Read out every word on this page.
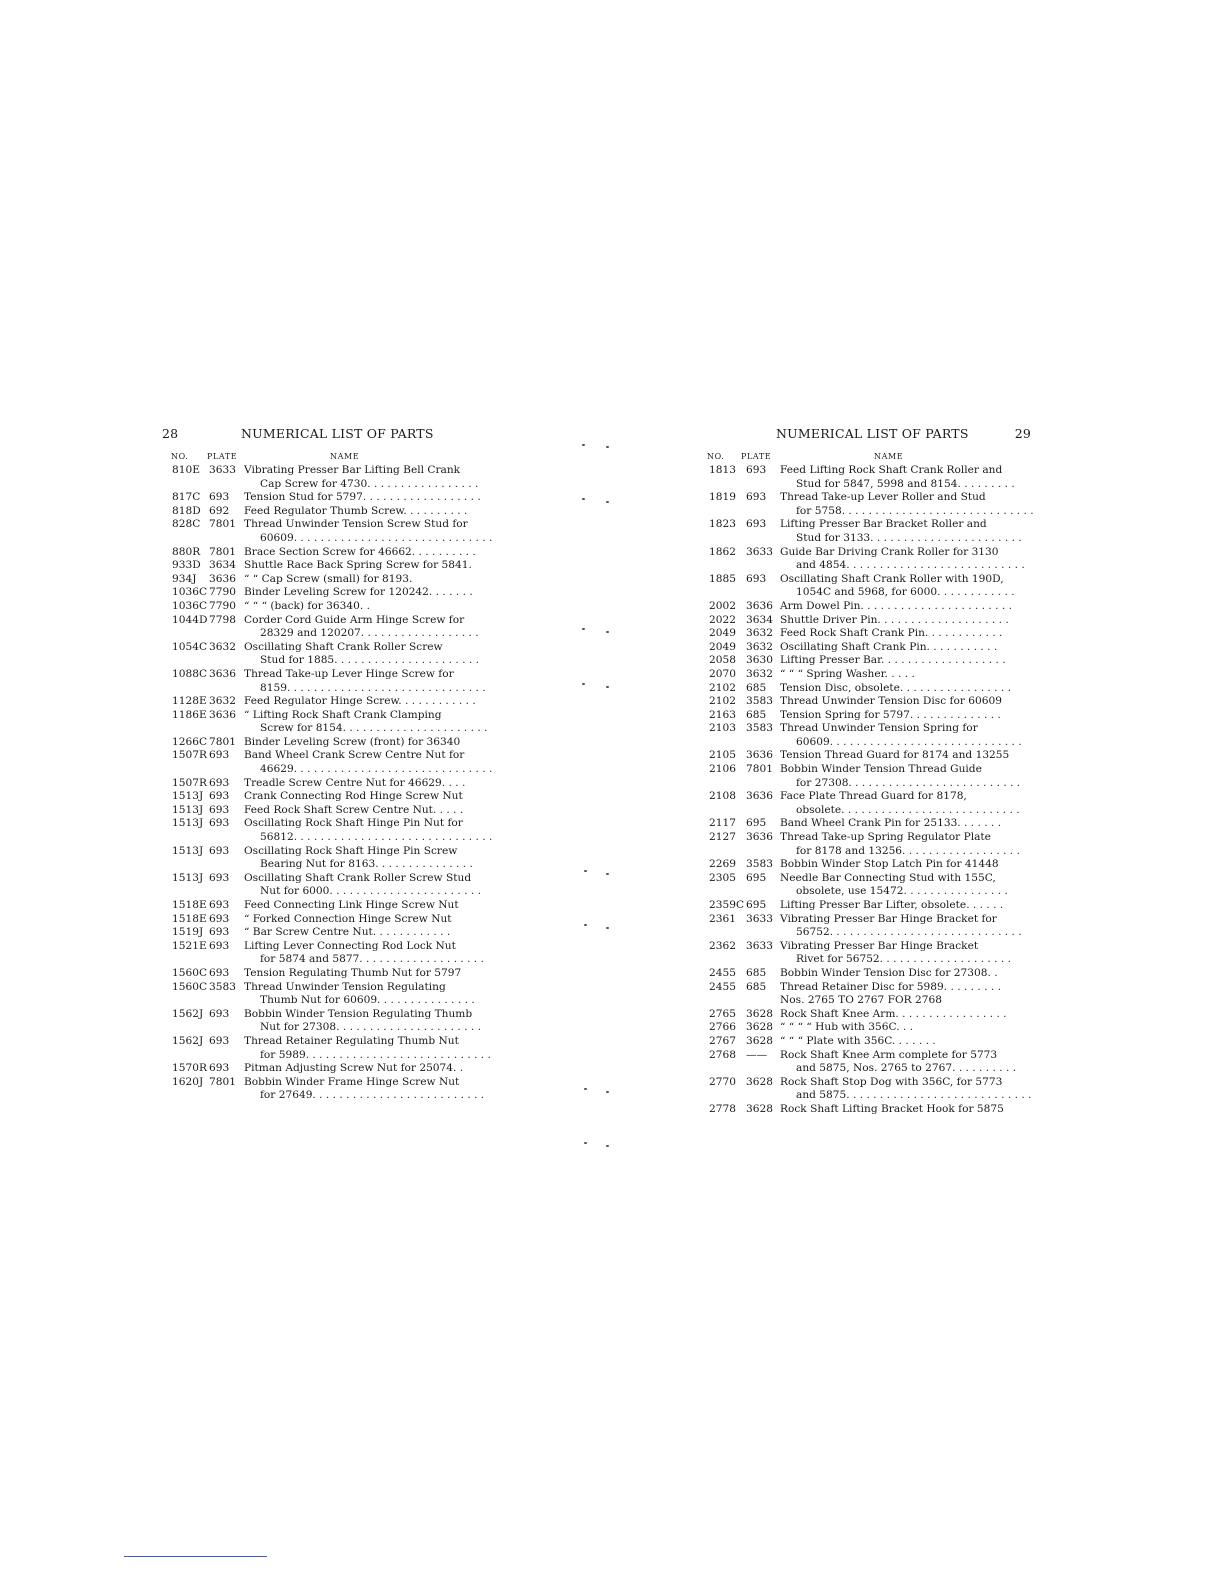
28	NUMERICAL LIST OF PARTS
NO. PLATE	NAME
810E 3633 Vibrating Presser Bar Lifting Bell Crank
Cap Screw for 4730. . . . . . . . . . . . . . . . .
817C 693 Tension Stud for 5797. . . . . . . . . . . . . . . . . .
818D 692 Feed Regulator Thumb Screw. . . . . . . . . .
828C 7801 Thread Unwinder Tension Screw Stud for
60609. . . . . . . . . . . . . . . . . . . . . . . . . . . . . .
880R 7801 Brace Section Screw for 46662. . . . . . . . . .
933D 3634 Shuttle Race Back Spring Screw for 5841.
934J 3636 “ “ Cap Screw (small) for 8193.
1036C 7790 Binder Leveling Screw for 120242. . . . . . .
1036C 7790 “ “ “ (back) for 36340. .
1044D 7798 Corder Cord Guide Arm Hinge Screw for
28329 and 120207. . . . . . . . . . . . . . . . . .
1054C 3632 Oscillating Shaft Crank Roller Screw
Stud for 1885. . . . . . . . . . . . . . . . . . . . . .
1088C 3636 Thread Take-up Lever Hinge Screw for
8159. . . . . . . . . . . . . . . . . . . . . . . . . . . . . .
1128E 3632 Feed Regulator Hinge Screw. . . . . . . . . . . .
1186E 3636 “ Lifting Rock Shaft Crank Clamping
Screw for 8154. . . . . . . . . . . . . . . . . . . . . .
1266C 7801 Binder Leveling Screw (front) for 36340
1507R 693 Band Wheel Crank Screw Centre Nut for
46629. . . . . . . . . . . . . . . . . . . . . . . . . . . . . .
1507R 693 Treadle Screw Centre Nut for 46629. . . .
1513J 693 Crank Connecting Rod Hinge Screw Nut
1513J 693 Feed Rock Shaft Screw Centre Nut. . . . .
1513J 693 Oscillating Rock Shaft Hinge Pin Nut for
56812. . . . . . . . . . . . . . . . . . . . . . . . . . . . . .
1513J 693 Oscillating Rock Shaft Hinge Pin Screw
Bearing Nut for 8163. . . . . . . . . . . . . . .
1513J 693 Oscillating Shaft Crank Roller Screw Stud
Nut for 6000. . . . . . . . . . . . . . . . . . . . . . .
1518E 693 Feed Connecting Link Hinge Screw Nut
1518E 693 “ Forked Connection Hinge Screw Nut
1519J 693 “ Bar Screw Centre Nut. . . . . . . . . . . .
1521E 693 Lifting Lever Connecting Rod Lock Nut
for 5874 and 5877. . . . . . . . . . . . . . . . . . .
1560C 693 Tension Regulating Thumb Nut for 5797
1560C 3583 Thread Unwinder Tension Regulating
Thumb Nut for 60609. . . . . . . . . . . . . . .
1562J 693 Bobbin Winder Tension Regulating Thumb
Nut for 27308. . . . . . . . . . . . . . . . . . . . . .
1562J 693 Thread Retainer Regulating Thumb Nut
for 5989. . . . . . . . . . . . . . . . . . . . . . . . . . . .
1570R 693 Pitman Adjusting Screw Nut for 25074. .
1620J 7801 Bobbin Winder Frame Hinge Screw Nut
for 27649. . . . . . . . . . . . . . . . . . . . . . . . . .
NUMERICAL LIST OF PARTS	29
NO. PLATE	NAME
1813 693 Feed Lifting Rock Shaft Crank Roller and
Stud for 5847, 5998 and 8154. . . . . . . . .
1819 693 Thread Take-up Lever Roller and Stud
for 5758. . . . . . . . . . . . . . . . . . . . . . . . . . . . .
1823 693 Lifting Presser Bar Bracket Roller and
Stud for 3133. . . . . . . . . . . . . . . . . . . . . . .
1862 3633 Guide Bar Driving Crank Roller for 3130
and 4854. . . . . . . . . . . . . . . . . . . . . . . . . . .
1885 693 Oscillating Shaft Crank Roller with 190D,
1054C and 5968, for 6000. . . . . . . . . . . .
2002 3636 Arm Dowel Pin. . . . . . . . . . . . . . . . . . . . . . .
2022 3634 Shuttle Driver Pin. . . . . . . . . . . . . . . . . . . .
2049 3632 Feed Rock Shaft Crank Pin. . . . . . . . . . . .
2049 3632 Oscillating Shaft Crank Pin. . . . . . . . . . .
2058 3630 Lifting Presser Bar. . . . . . . . . . . . . . . . . . .
2070 3632 “ “ “ Spring Washer. . . . .
2102 685 Tension Disc, obsolete. . . . . . . . . . . . . . . . .
2102 3583 Thread Unwinder Tension Disc for 60609
2163 685 Tension Spring for 5797. . . . . . . . . . . . . .
2103 3583 Thread Unwinder Tension Spring for
60609. . . . . . . . . . . . . . . . . . . . . . . . . . . . .
2105 3636 Tension Thread Guard for 8174 and 13255
2106 7801 Bobbin Winder Tension Thread Guide
for 27308. . . . . . . . . . . . . . . . . . . . . . . . . .
2108 3636 Face Plate Thread Guard for 8178,
obsolete. . . . . . . . . . . . . . . . . . . . . . . . . . .
2117 695 Band Wheel Crank Pin for 25133. . . . . . .
2127 3636 Thread Take-up Spring Regulator Plate
for 8178 and 13256. . . . . . . . . . . . . . . . . .
2269 3583 Bobbin Winder Stop Latch Pin for 41448
2305 695 Needle Bar Connecting Stud with 155C,
obsolete, use 15472. . . . . . . . . . . . . . . .
2359C 695 Lifting Presser Bar Lifter, obsolete. . . . . .
2361 3633 Vibrating Presser Bar Hinge Bracket for
56752. . . . . . . . . . . . . . . . . . . . . . . . . . . . .
2362 3633 Vibrating Presser Bar Hinge Bracket
Rivet for 56752. . . . . . . . . . . . . . . . . . . .
2455 685 Bobbin Winder Tension Disc for 27308. .
2455 685 Thread Retainer Disc for 5989. . . . . . . . .
Nos. 2765 TO 2767 FOR 2768
2765 3628 Rock Shaft Knee Arm. . . . . . . . . . . . . . . . .
2766 3628 “ “ “ “ Hub with 356C. . .
2767 3628 “ “ “ Plate with 356C. . . . . . .
2768 —— Rock Shaft Knee Arm complete for 5773
and 5875, Nos. 2765 to 2767. . . . . . . . . .
2770 3628 Rock Shaft Stop Dog with 356C, for 5773
and 5875. . . . . . . . . . . . . . . . . . . . . . . . . . . .
2778 3628 Rock Shaft Lifting Bracket Hook for 5875
